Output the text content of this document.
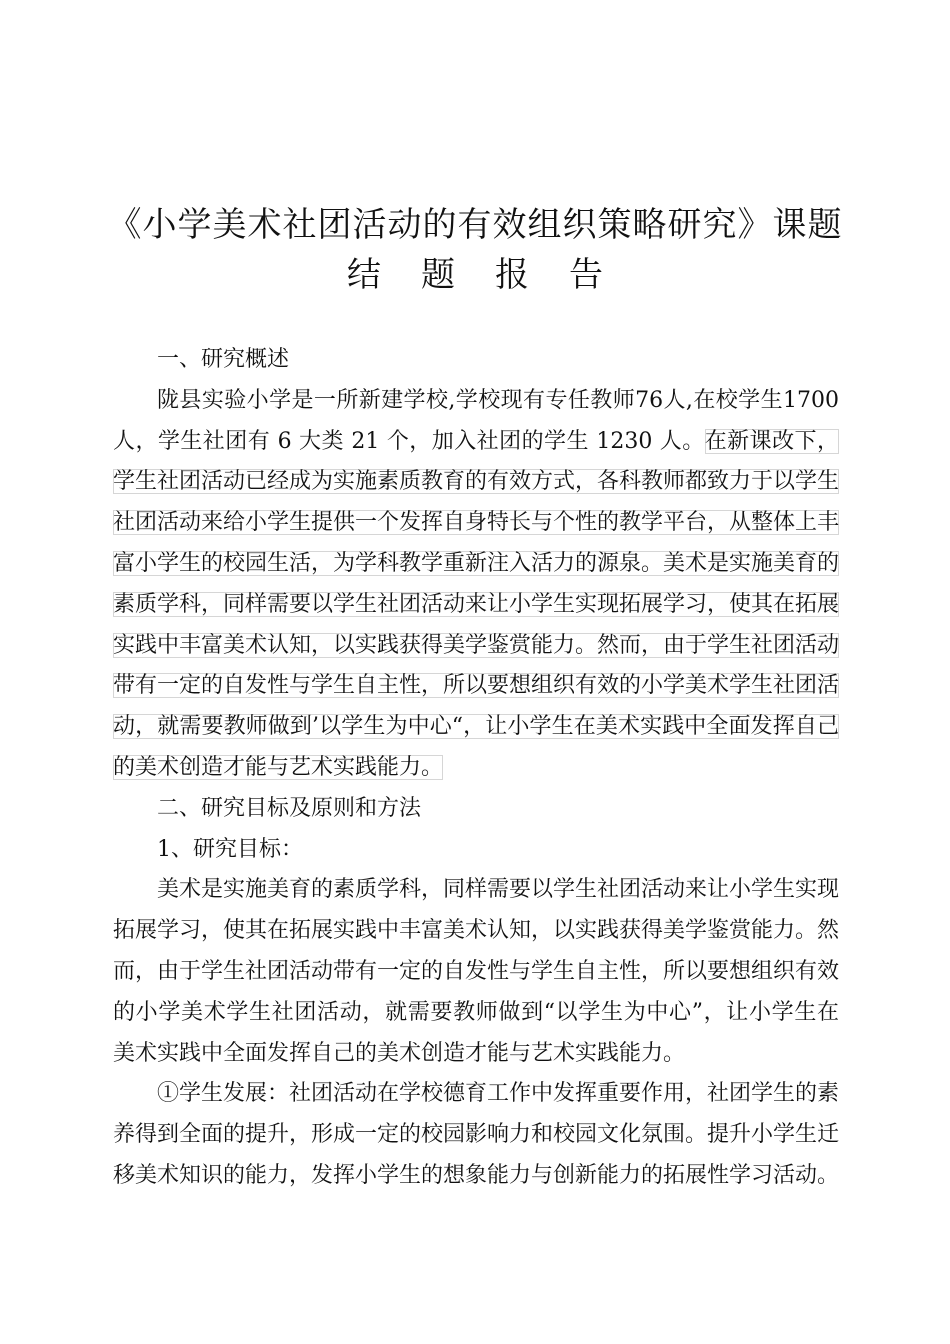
《小学美术社团活动的有效组织策略研究》课题
结题报告

一、研究概述

陇县实验小学是一所新建学校,学校现有专任教师76人,在校学生1700人，学生社团有 6 大类 21 个，加入社团的学生 1230 人。在新课改下，学生社团活动已经成为实施素质教育的有效方式，各科教师都致力于以学生社团活动来给小学生提供一个发挥自身特长与个性的教学平台，从整体上丰富小学生的校园生活，为学科教学重新注入活力的源泉。美术是实施美育的素质学科，同样需要以学生社团活动来让小学生实现拓展学习，使其在拓展实践中丰富美术认知，以实践获得美学鉴赏能力。然而，由于学生社团活动带有一定的自发性与学生自主性，所以要想组织有效的小学美术学生社团活动，就需要教师做到’以学生为中心“，让小学生在美术实践中全面发挥自己的美术创造才能与艺术实践能力。

二、研究目标及原则和方法

1、研究目标：

美术是实施美育的素质学科，同样需要以学生社团活动来让小学生实现拓展学习，使其在拓展实践中丰富美术认知，以实践获得美学鉴赏能力。然而，由于学生社团活动带有一定的自发性与学生自主性，所以要想组织有效的小学美术学生社团活动，就需要教师做到“以学生为中心”，让小学生在美术实践中全面发挥自己的美术创造才能与艺术实践能力。

①学生发展：社团活动在学校德育工作中发挥重要作用，社团学生的素养得到全面的提升，形成一定的校园影响力和校园文化氛围。提升小学生迁移美术知识的能力，发挥小学生的想象能力与创新能力的拓展性学习活动。
